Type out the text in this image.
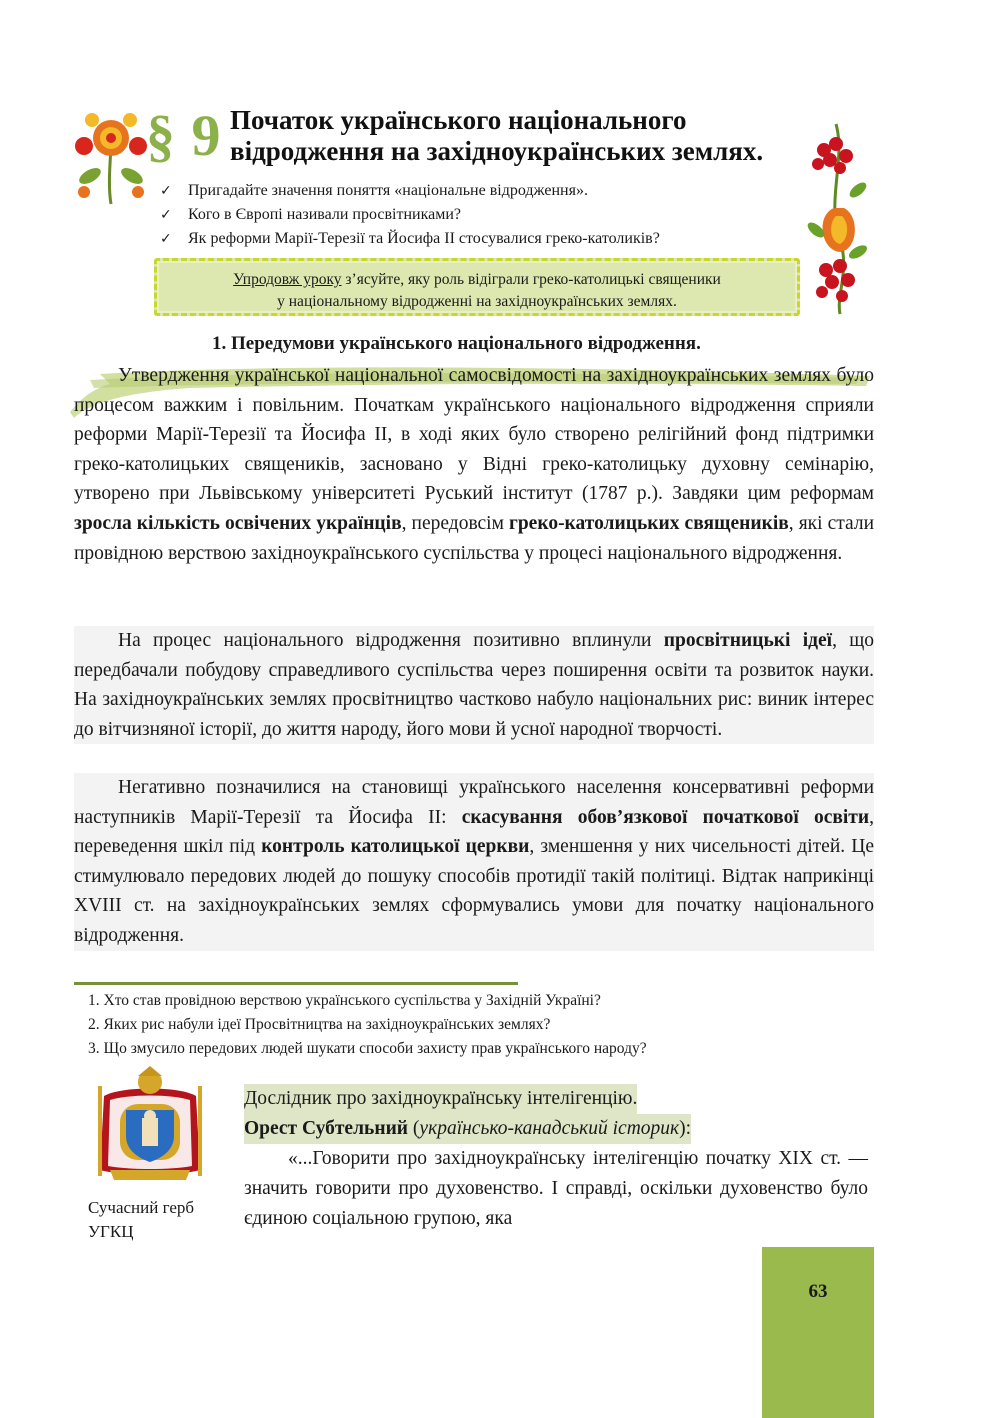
§ 9 Початок українського національного
відродження на західноукраїнських землях.
✓ Пригадайте значення поняття «національне відродження».
✓ Кого в Європі називали просвітниками?
✓ Як реформи Марії-Терезії та Йосифа ІІ стосувалися греко-католиків?
Упродовж уроку з’ясуйте, яку роль відіграли греко-католицькі священики
у національному відродженні на західноукраїнських землях.
1. Передумови українського національного відродження.

Утвердження української національної самосвідомості на західноукраїнських землях було процесом важким і повільним. Початкам українського національного відродження сприяли реформи Марії-Терезії та Йосифа ІІ, в ході яких було створено релігійний фонд підтримки греко-католицьких священиків, засновано у Відні греко-католицьку духовну семінарію, утворено при Львівському університеті Руський інститут (1787 р.). Завдяки цим реформам зросла кількість освічених українців, передовсім греко-католицьких священиків, які стали провідною верствою західноукраїнського суспільства у процесі національного відродження.

На процес національного відродження позитивно вплинули просвітницькі ідеї, що передбачали побудову справедливого суспільства через поширення освіти та розвиток науки. На західноукраїнських землях просвітництво частково набуло національних рис: виник інтерес до вітчизняної історії, до життя народу, його мови й усної народної творчості.

Негативно позначилися на становищі українського населення консервативні реформи наступників Марії-Терезії та Йосифа ІІ: скасування обов’язкової початкової освіти, переведення шкіл під контроль католицької церкви, зменшення у них чисельності дітей. Це стимулювало передових людей до пошуку способів протидії такій політиці. Відтак наприкінці XVIII ст. на західноукраїнських землях сформувались умови для початку національного відродження.

1. Хто став провідною верствою українського суспільства у Західній Україні?
2. Яких рис набули ідеї Просвітництва на західноукраїнських землях?
3. Що змусило передових людей шукати способи захисту прав українського народу?
Сучасний герб УГКЦ

Дослідник про західноукраїнську інтелігенцію.

Орест Субтельний (українсько-канадський історик):

«...Говорити про західноукраїнську інтелігенцію початку XIX ст. — значить говорити про духовенство. І справді, оскільки духовенство було єдиною соціальною групою, яка

63
